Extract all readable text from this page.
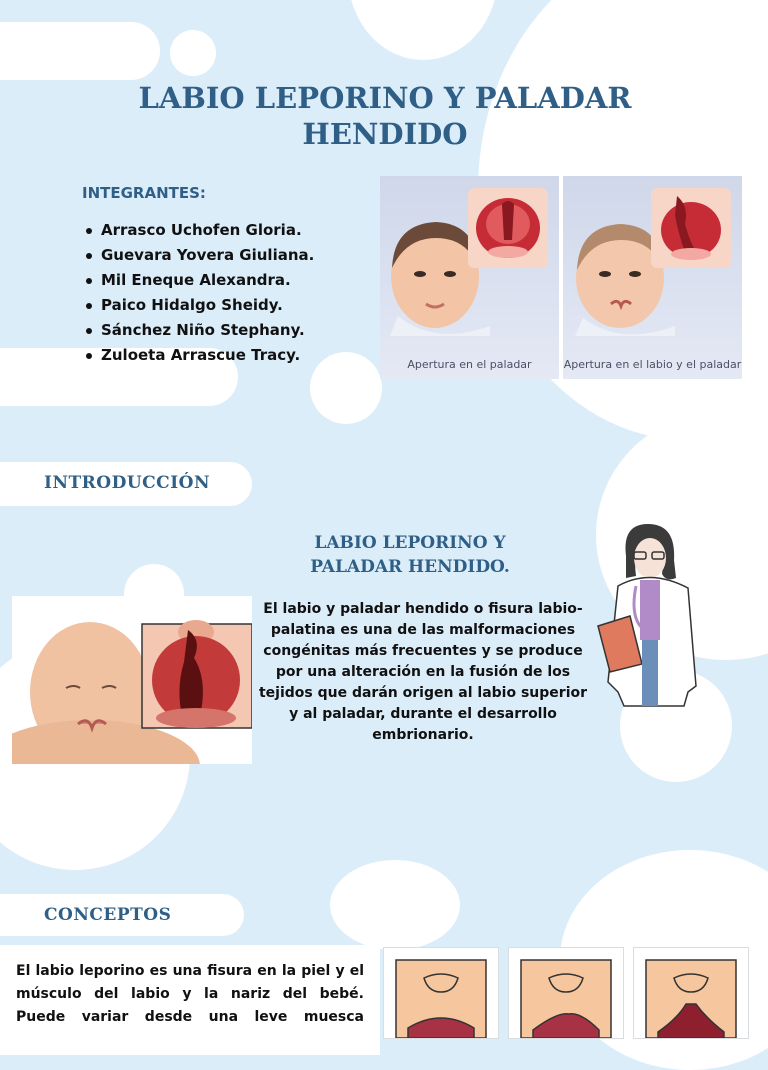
LABIO LEPORINO Y PALADAR HENDIDO
INTEGRANTES:
Arrasco Uchofen Gloria.
Guevara Yovera Giuliana.
Mil Eneque Alexandra.
Paico Hidalgo Sheidy.
Sánchez Niño Stephany.
Zuloeta Arrascue Tracy.
Apertura en el paladar	Apertura en el labio y el paladar
INTRODUCCIÓN
LABIO LEPORINO Y PALADAR HENDIDO.

El labio y paladar hendido o fisura labio-palatina es una de las malformaciones congénitas más frecuentes y se produce por una alteración en la fusión de los tejidos que darán origen al labio superior y al paladar, durante el desarrollo embrionario.

CONCEPTOS

El labio leporino es una fisura en la piel y el músculo del labio y la nariz del bebé. Puede variar desde una leve muesca
